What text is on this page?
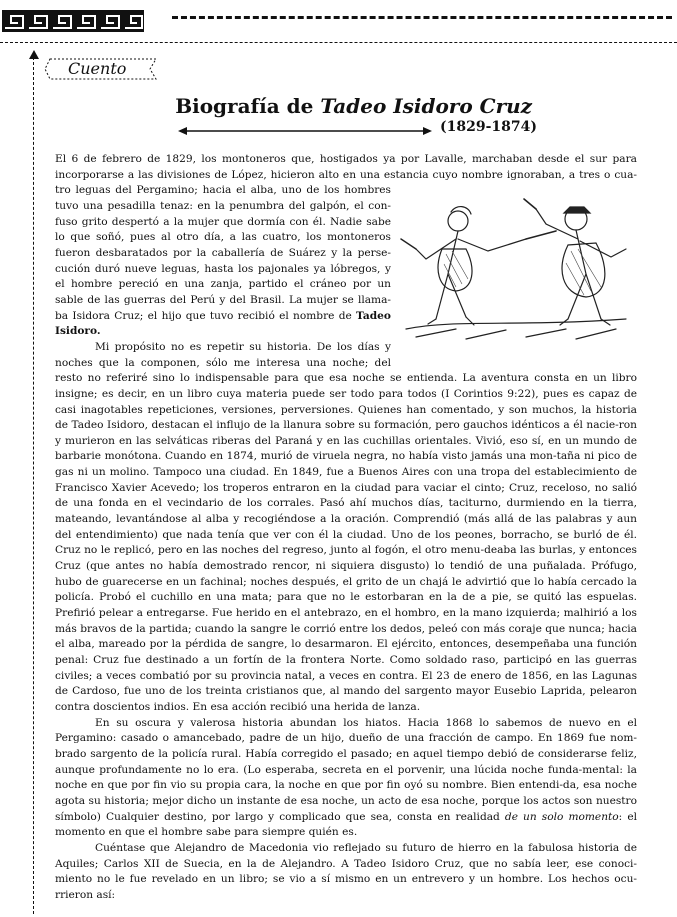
Cuento
Biografía de Tadeo Isidoro Cruz
(1829-1874)
El 6 de febrero de 1829, los montoneros que, hostigados ya por Lavalle, marchaban desde el sur para
incorporarse a las divisiones de López, hicieron alto en una estancia cuyo nombre ignoraban, a tres o cua-
tro leguas del Pergamino; hacia el alba, uno de los hombres
tuvo una pesadilla tenaz: en la penumbra del galpón, el con-
fuso grito despertó a la mujer que dormía con él. Nadie sabe
lo que soñó, pues al otro día, a las cuatro, los montoneros
fueron desbaratados por la caballería de Suárez y la perse-
cución duró nueve leguas, hasta los pajonales ya lóbregos, y
el hombre pereció en una zanja, partido el cráneo por un
sable de las guerras del Perú y del Brasil. La mujer se llama-
ba Isidora Cruz; el hijo que tuvo recibió el nombre de Tadeo
Isidoro.
Mi propósito no es repetir su historia. De los días y
noches que la componen, sólo me interesa una noche; del

resto no referiré sino lo indispensable para que esa noche se entienda. La aventura consta en un libro insigne; es decir, en un libro cuya materia puede ser todo para todos (I Corintios 9:22), pues es capaz de casi inagotables repeticiones, versiones, perversiones. Quienes han comentado, y son muchos, la historia de Tadeo Isidoro, destacan el influjo de la llanura sobre su formación, pero gauchos idénticos a él nacie-ron y murieron en las selváticas riberas del Paraná y en las cuchillas orientales. Vivió, eso sí, en un mundo de barbarie monótona. Cuando en 1874, murió de viruela negra, no había visto jamás una mon-taña ni pico de gas ni un molino. Tampoco una ciudad. En 1849, fue a Buenos Aires con una tropa del establecimiento de Francisco Xavier Acevedo; los troperos entraron en la ciudad para vaciar el cinto; Cruz, receloso, no salió de una fonda en el vecindario de los corrales. Pasó ahí muchos días, taciturno, durmiendo en la tierra, mateando, levantándose al alba y recogiéndose a la oración. Comprendió (más allá de las palabras y aun del entendimiento) que nada tenía que ver con él la ciudad. Uno de los peones, borracho, se burló de él. Cruz no le replicó, pero en las noches del regreso, junto al fogón, el otro menu-deaba las burlas, y entonces Cruz (que antes no había demostrado rencor, ni siquiera disgusto) lo tendió de una puñalada. Prófugo, hubo de guarecerse en un fachinal; noches después, el grito de un chajá le advirtió que lo había cercado la policía. Probó el cuchillo en una mata; para que no le estorbaran en la de a pie, se quitó las espuelas. Prefirió pelear a entregarse. Fue herido en el antebrazo, en el hombro, en la mano izquierda; malhirió a los más bravos de la partida; cuando la sangre le corrió entre los dedos, peleó con más coraje que nunca; hacia el alba, mareado por la pérdida de sangre, lo desarmaron. El ejército, entonces, desempeñaba una función penal: Cruz fue destinado a un fortín de la frontera Norte. Como soldado raso, participó en las guerras civiles; a veces combatió por su provincia natal, a veces en contra. El 23 de enero de 1856, en las Lagunas de Cardoso, fue uno de los treinta cristianos que, al mando del sargento mayor Eusebio Laprida, pelearon contra doscientos indios. En esa acción recibió una herida de lanza.

En su oscura y valerosa historia abundan los hiatos. Hacia 1868 lo sabemos de nuevo en el Pergamino: casado o amancebado, padre de un hijo, dueño de una fracción de campo. En 1869 fue nom-brado sargento de la policía rural. Había corregido el pasado; en aquel tiempo debió de considerarse feliz, aunque profundamente no lo era. (Lo esperaba, secreta en el porvenir, una lúcida noche funda-mental: la noche en que por fin vio su propia cara, la noche en que por fin oyó su nombre. Bien entendi-da, esa noche agota su historia; mejor dicho un instante de esa noche, un acto de esa noche, porque los actos son nuestro símbolo) Cualquier destino, por largo y complicado que sea, consta en realidad de un solo momento: el momento en que el hombre sabe para siempre quién es.

Cuéntase que Alejandro de Macedonia vio reflejado su futuro de hierro en la fabulosa historia de Aquiles; Carlos XII de Suecia, en la de Alejandro. A Tadeo Isidoro Cruz, que no sabía leer, ese conoci-miento no le fue revelado en un libro; se vio a sí mismo en un entrevero y un hombre. Los hechos ocu-rrieron así:
